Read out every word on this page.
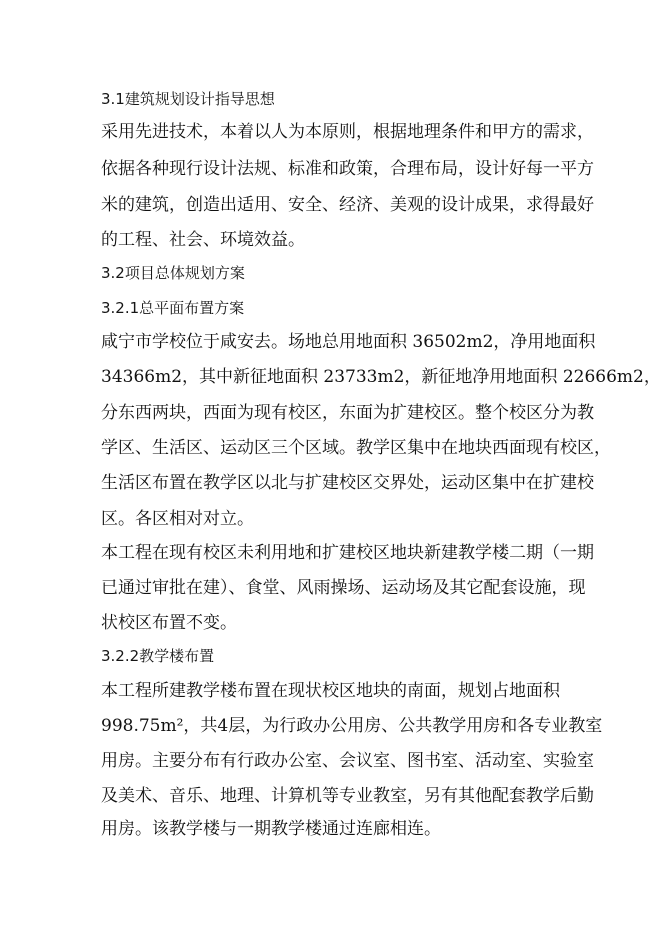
3.1建筑规划设计指导思想
采用先进技术，本着以人为本原则，根据地理条件和甲方的需求，
依据各种现行设计法规、标准和政策，合理布局，设计好每一平方
米的建筑，创造出适用、安全、经济、美观的设计成果，求得最好
的工程、社会、环境效益。
3.2项目总体规划方案
3.2.1总平面布置方案
咸宁市学校位于咸安去。场地总用地面积 36502m2，净用地面积
34366m2，其中新征地面积 23733m2，新征地净用地面积 22666m2，
分东西两块，西面为现有校区，东面为扩建校区。整个校区分为教
学区、生活区、运动区三个区域。教学区集中在地块西面现有校区，
生活区布置在教学区以北与扩建校区交界处，运动区集中在扩建校
区。各区相对对立。
本工程在现有校区未利用地和扩建校区地块新建教学楼二期（一期
已通过审批在建）、食堂、风雨操场、运动场及其它配套设施，现
状校区布置不变。
3.2.2教学楼布置
本工程所建教学楼布置在现状校区地块的南面，规划占地面积
998.75m²，共4层，为行政办公用房、公共教学用房和各专业教室
用房。主要分布有行政办公室、会议室、图书室、活动室、实验室
及美术、音乐、地理、计算机等专业教室，另有其他配套教学后勤
用房。该教学楼与一期教学楼通过连廊相连。
